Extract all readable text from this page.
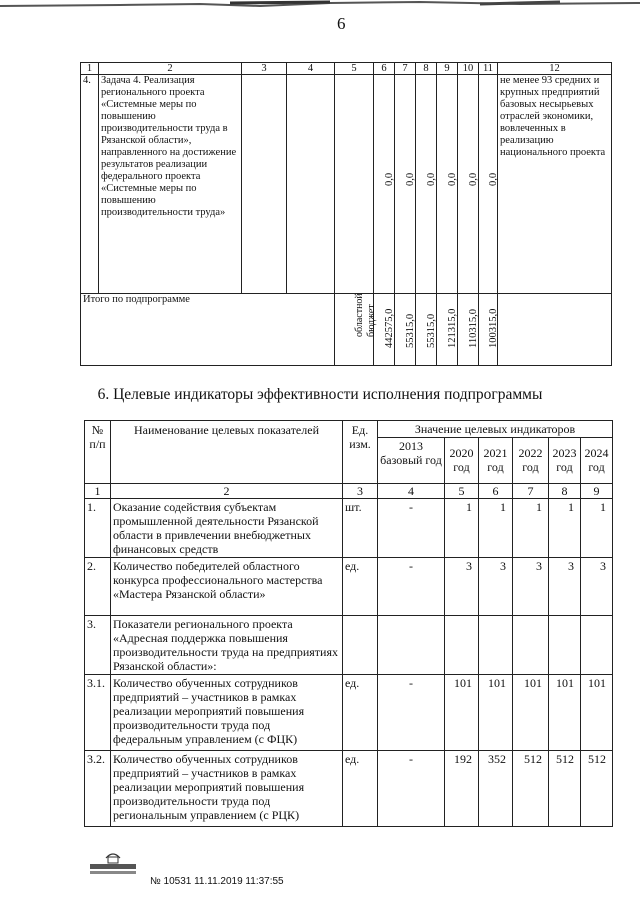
6
1	2	3	4	5	6	7	8	9	10	11	12
4.	Задача 4. Реализация регионального проекта «Системные меры по повышению производительности труда в Рязанской области», направленного на достижение результатов реализации федерального проекта «Системные меры по повышению производительности труда»				0,0	0,0	0,0	0,0	0,0	0,0	не менее 93 средних и крупных предприятий базовых несырьевых отраслей экономики, вовлеченных в реализацию национального проекта
Итого по подпрограмме				областной бюджет	442575,0	55315,0	55315,0	121315,0	110315,0	100315,0	

6. Целевые индикаторы эффективности исполнения подпрограммы
№ п/п	Наименование целевых показателей	Ед. изм.	Значение целевых индикаторов					
			2013 базовый год	2020 год	2021 год	2022 год	2023 год	2024 год
1	2	3	4	5	6	7	8	9
1.	Оказание содействия субъектам промышленной деятельности Рязанской области в привлечении внебюджетных финансовых средств	шт.	-	1	1	1	1	1
2.	Количество победителей областного конкурса профессионального мастерства «Мастера Рязанской области»	ед.	-	3	3	3	3	3
3.	Показатели регионального проекта «Адресная поддержка повышения производительности труда на предприятиях Рязанской области»:							
3.1.	Количество обученных сотрудников предприятий – участников в рамках реализации мероприятий повышения производительности труда под федеральным управлением (с ФЦК)	ед.	-	101	101	101	101	101
3.2.	Количество обученных сотрудников предприятий – участников в рамках реализации мероприятий повышения производительности труда под региональным управлением (с РЦК)	ед.	-	192	352	512	512	512
№ 10531 11.11.2019 11:37:55
